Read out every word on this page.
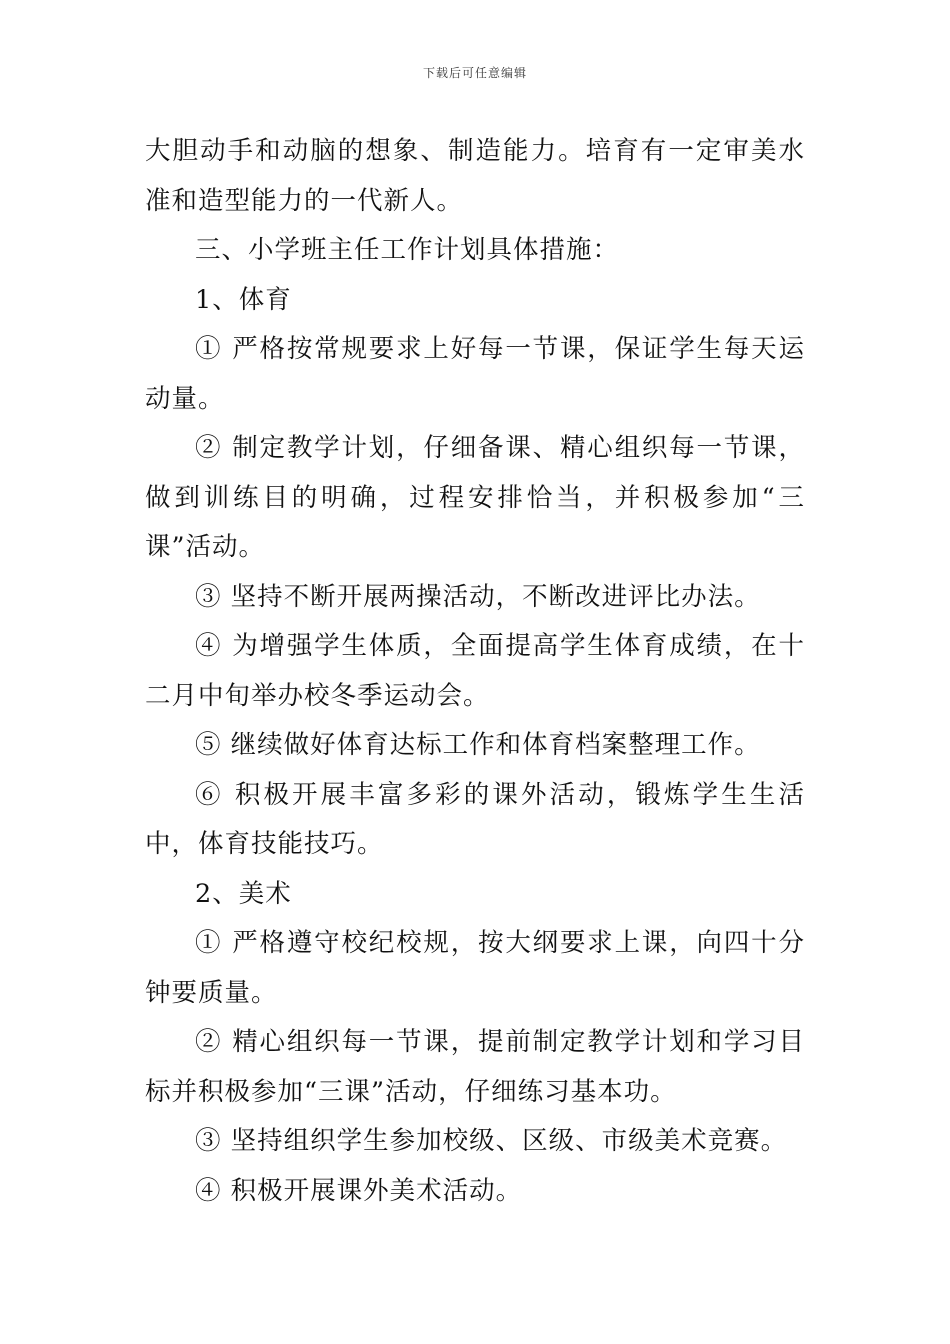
下载后可任意编辑

大胆动手和动脑的想象、制造能力。培育有一定审美水准和造型能力的一代新人。

三、小学班主任工作计划具体措施：

1、体育

① 严格按常规要求上好每一节课，保证学生每天运动量。

② 制定教学计划，仔细备课、精心组织每一节课，做到训练目的明确，过程安排恰当，并积极参加“三课”活动。

③ 坚持不断开展两操活动，不断改进评比办法。

④ 为增强学生体质，全面提高学生体育成绩，在十二月中旬举办校冬季运动会。

⑤ 继续做好体育达标工作和体育档案整理工作。

⑥ 积极开展丰富多彩的课外活动，锻炼学生生活中，体育技能技巧。

2、美术

① 严格遵守校纪校规，按大纲要求上课，向四十分钟要质量。

② 精心组织每一节课，提前制定教学计划和学习目标并积极参加“三课”活动，仔细练习基本功。

③ 坚持组织学生参加校级、区级、市级美术竞赛。

④ 积极开展课外美术活动。
